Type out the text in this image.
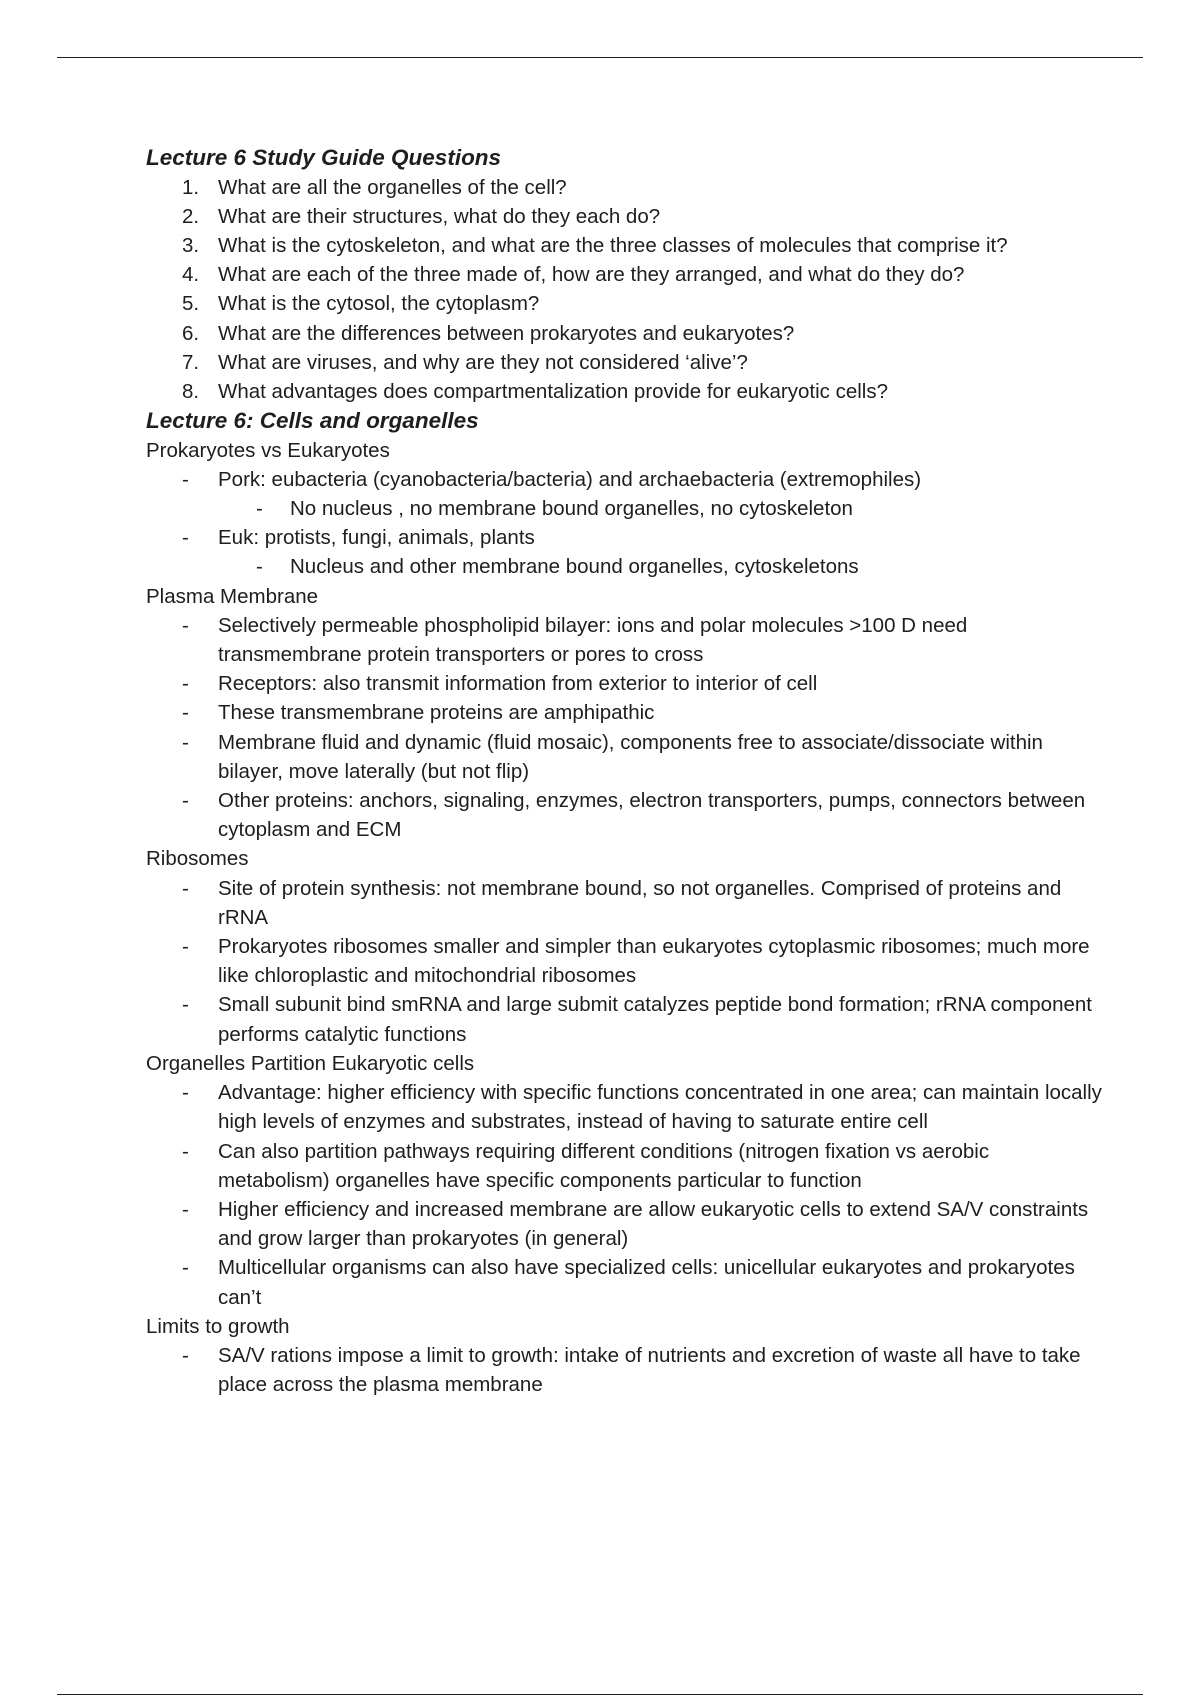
Lecture 6 Study Guide Questions
1. What are all the organelles of the cell?
2. What are their structures, what do they each do?
3. What is the cytoskeleton, and what are the three classes of molecules that comprise it?
4. What are each of the three made of, how are they arranged, and what do they do?
5. What is the cytosol, the cytoplasm?
6. What are the differences between prokaryotes and eukaryotes?
7. What are viruses, and why are they not considered ‘alive’?
8. What advantages does compartmentalization provide for eukaryotic cells?
Lecture 6: Cells and organelles
Prokaryotes vs Eukaryotes
- Pork: eubacteria (cyanobacteria/bacteria) and archaebacteria (extremophiles)
-	No nucleus , no membrane bound organelles, no cytoskeleton
- Euk: protists, fungi, animals, plants
-	Nucleus and other membrane bound organelles, cytoskeletons
Plasma Membrane
- Selectively permeable phospholipid bilayer: ions and polar molecules >100 D need transmembrane protein transporters or pores to cross
- Receptors: also transmit information from exterior to interior of cell
- These transmembrane proteins are amphipathic
- Membrane fluid and dynamic (fluid mosaic), components free to associate/dissociate within bilayer, move laterally (but not flip)
- Other proteins: anchors, signaling, enzymes, electron transporters, pumps, connectors between cytoplasm and ECM
Ribosomes
- Site of protein synthesis: not membrane bound, so not organelles. Comprised of proteins and rRNA
- Prokaryotes ribosomes smaller and simpler than eukaryotes cytoplasmic ribosomes; much more like chloroplastic and mitochondrial ribosomes
- Small subunit bind smRNA and large submit catalyzes peptide bond formation; rRNA component performs catalytic functions
Organelles Partition Eukaryotic cells
- Advantage: higher efficiency with specific functions concentrated in one area; can maintain locally high levels of enzymes and substrates, instead of having to saturate entire cell
- Can also partition pathways requiring different conditions (nitrogen fixation vs aerobic metabolism) organelles have specific components particular to function
- Higher efficiency and increased membrane are allow eukaryotic cells to extend SA/V constraints and grow larger than prokaryotes (in general)
- Multicellular organisms can also have specialized cells: unicellular eukaryotes and prokaryotes can’t
Limits to growth
- SA/V rations impose a limit to growth: intake of nutrients and excretion of waste all have to take place across the plasma membrane
